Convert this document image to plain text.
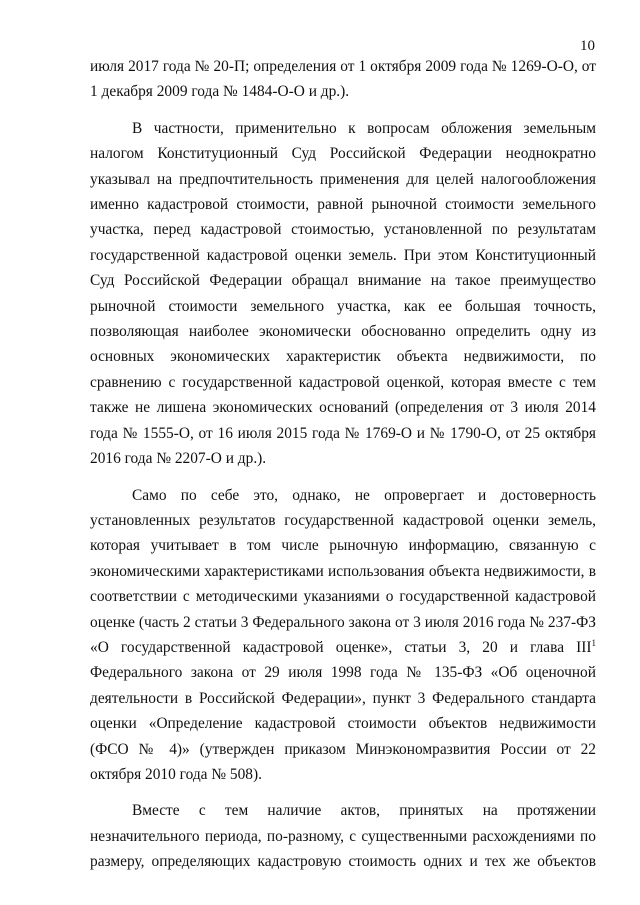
10

июля 2017 года № 20-П; определения от 1 октября 2009 года № 1269-О-О, от 1 декабря 2009 года № 1484-О-О и др.).

В частности, применительно к вопросам обложения земельным налогом Конституционный Суд Российской Федерации неоднократно указывал на предпочтительность применения для целей налогообложения именно кадастровой стоимости, равной рыночной стоимости земельного участка, перед кадастровой стоимостью, установленной по результатам государственной кадастровой оценки земель. При этом Конституционный Суд Российской Федерации обращал внимание на такое преимущество рыночной стоимости земельного участка, как ее большая точность, позволяющая наиболее экономически обоснованно определить одну из основных экономических характеристик объекта недвижимости, по сравнению с государственной кадастровой оценкой, которая вместе с тем также не лишена экономических оснований (определения от 3 июля 2014 года № 1555-О, от 16 июля 2015 года № 1769-О и № 1790-О, от 25 октября 2016 года № 2207-О и др.).

Само по себе это, однако, не опровергает и достоверность установленных результатов государственной кадастровой оценки земель, которая учитывает в том числе рыночную информацию, связанную с экономическими характеристиками использования объекта недвижимости, в соответствии с методическими указаниями о государственной кадастровой оценке (часть 2 статьи 3 Федерального закона от 3 июля 2016 года № 237-ФЗ «О государственной кадастровой оценке», статьи 3, 20 и глава III$^1$ Федерального закона от 29 июля 1998 года № 135-ФЗ «Об оценочной деятельности в Российской Федерации», пункт 3 Федерального стандарта оценки «Определение кадастровой стоимости объектов недвижимости (ФСО № 4)» (утвержден приказом Минэкономразвития России от 22 октября 2010 года № 508).

Вместе с тем наличие актов, принятых на протяжении незначительного периода, по-разному, с существенными расхождениями по размеру, определяющих кадастровую стоимость одних и тех же объектов
